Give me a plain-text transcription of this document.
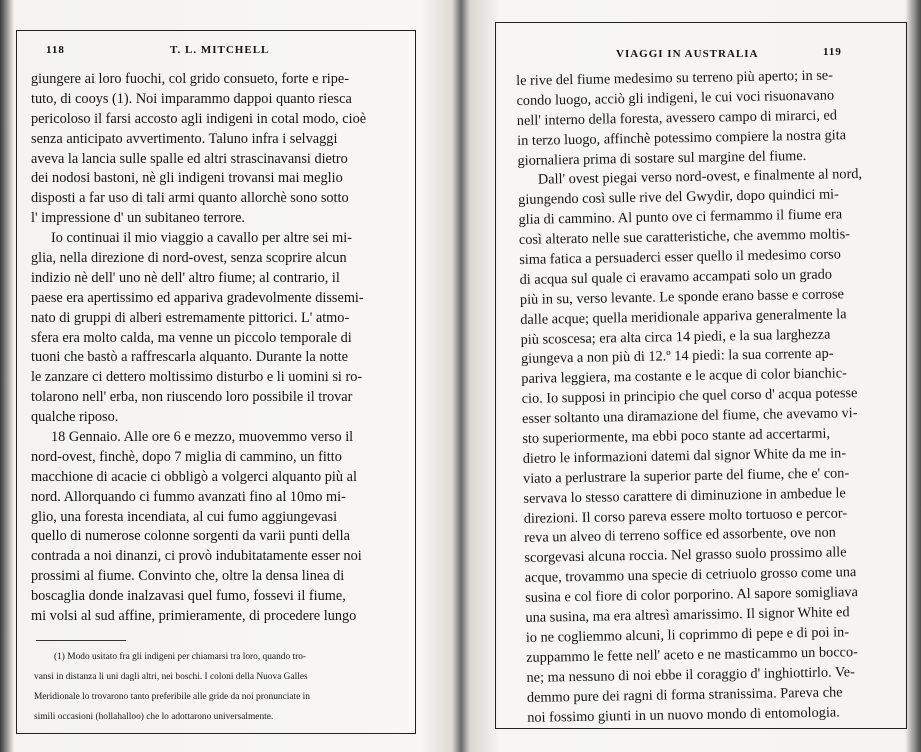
118	T. L. MITCHELL
giungere ai loro fuochi, col grido consueto, forte e ripe-
tuto, di cooys (1). Noi imparammo dappoi quanto riesca
pericoloso il farsi accosto agli indigeni in cotal modo, cioè
senza anticipato avvertimento. Taluno infra i selvaggi
aveva la lancia sulle spalle ed altri strascinavansi dietro
dei nodosi bastoni, nè gli indigeni trovansi mai meglio
disposti a far uso di tali armi quanto allorchè sono sotto
l' impressione d' un subitaneo terrore.
Io continuai il mio viaggio a cavallo per altre sei mi-
glia, nella direzione di nord-ovest, senza scoprire alcun
indizio nè dell' uno nè dell' altro fiume; al contrario, il
paese era apertissimo ed appariva gradevolmente dissemi-
nato di gruppi di alberi estremamente pittorici. L' atmo-
sfera era molto calda, ma venne un piccolo temporale di
tuoni che bastò a raffrescarla alquanto. Durante la notte
le zanzare ci dettero moltissimo disturbo e li uomini si ro-
tolarono nell' erba, non riuscendo loro possibile il trovar
qualche riposo.
18 Gennaio. Alle ore 6 e mezzo, muovemmo verso il
nord-ovest, finchè, dopo 7 miglia di cammino, un fitto
macchione di acacie ci obbligò a volgerci alquanto più al
nord. Allorquando ci fummo avanzati fino al 10mo mi-
glio, una foresta incendiata, al cui fumo aggiungevasi
quello di numerose colonne sorgenti da varii punti della
contrada a noi dinanzi, ci provò indubitatamente esser noi
prossimi al fiume. Convinto che, oltre la densa linea di
boscaglia donde inalzavasi quel fumo, fossevi il fiume,
mi volsi al sud affine, primieramente, di procedere lungo
(1) Modo usitato fra gli indigeni per chiamarsi tra loro, quando tro-
vansi in distanza li uni dagli altri, nei boschi. I coloni della Nuova Galles
Meridionale lo trovarono tanto preferibile alle gride da noi pronunciate in
simili occasioni (hollahalloo) che lo adottarono universalmente.
VIAGGI IN AUSTRALIA	119
le rive del fiume medesimo su terreno più aperto; in se-
condo luogo, acciò gli indigeni, le cui voci risuonavano
nell' interno della foresta, avessero campo di mirarci, ed
in terzo luogo, affinchè potessimo compiere la nostra gita
giornaliera prima di sostare sul margine del fiume.
Dall' ovest piegai verso nord-ovest, e finalmente al nord,
giungendo così sulle rive del Gwydir, dopo quindici mi-
glia di cammino. Al punto ove ci fermammo il fiume era
così alterato nelle sue caratteristiche, che avemmo moltis-
sima fatica a persuaderci esser quello il medesimo corso
di acqua sul quale ci eravamo accampati solo un grado
più in su, verso levante. Le sponde erano basse e corrose
dalle acque; quella meridionale appariva generalmente la
più scoscesa; era alta circa 14 piedi, e la sua larghezza
giungeva a non più di 12.º 14 piedi: la sua corrente ap-
pariva leggiera, ma costante e le acque di color bianchic-
cio. Io supposi in principio che quel corso d' acqua potesse
esser soltanto una diramazione del fiume, che avevamo vi-
sto superiormente, ma ebbi poco stante ad accertarmi,
dietro le informazioni datemi dal signor White da me in-
viato a perlustrare la superior parte del fiume, che e' con-
servava lo stesso carattere di diminuzione in ambedue le
direzioni. Il corso pareva essere molto tortuoso e percor-
reva un alveo di terreno soffice ed assorbente, ove non
scorgevasi alcuna roccia. Nel grasso suolo prossimo alle
acque, trovammo una specie di cetriuolo grosso come una
susina e col fiore di color porporino. Al sapore somigliava
una susina, ma era altresì amarissimo. Il signor White ed
io ne cogliemmo alcuni, li coprimmo di pepe e di poi in-
zuppammo le fette nell' aceto e ne masticammo un bocco-
ne; ma nessuno di noi ebbe il coraggio d' inghiottirlo. Ve-
demmo pure dei ragni di forma stranissima. Pareva che
noi fossimo giunti in un nuovo mondo di entomologia.
